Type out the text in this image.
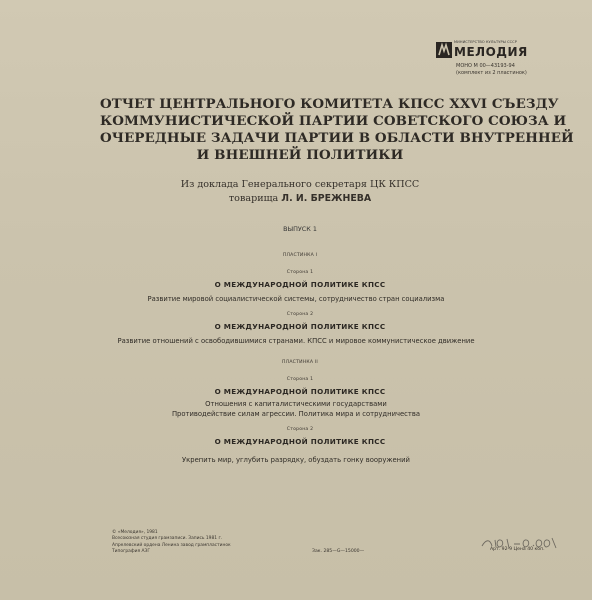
МИНИСТЕРСТВО КУЛЬТУРЫ СССР
МЕЛОДИЯ
МОНО М 00—43193-94
(комплект из 2 пластинок)
ОТЧЕТ ЦЕНТРАЛЬНОГО КОМИТЕТА КПСС XXVI СЪЕЗДУ
КОММУНИСТИЧЕСКОЙ ПАРТИИ СОВЕТСКОГО СОЮЗА И
ОЧЕРЕДНЫЕ ЗАДАЧИ ПАРТИИ В ОБЛАСТИ ВНУТРЕННЕЙ
И ВНЕШНЕЙ ПОЛИТИКИ
Из доклада Генерального секретаря ЦК КПСС
товарища Л. И. БРЕЖНЕВА
ВЫПУСК 1
ПЛАСТИНКА I
Сторона 1
О МЕЖДУНАРОДНОЙ ПОЛИТИКЕ КПСС
Развитие мировой социалистической системы, сотрудничество стран социализма
Сторона 2
О МЕЖДУНАРОДНОЙ ПОЛИТИКЕ КПСС
Развитие отношений с освободившимися странами. КПСС и мировое коммунистическое движение
ПЛАСТИНКА II
Сторона 1
О МЕЖДУНАРОДНОЙ ПОЛИТИКЕ КПСС
Отношения с капиталистическими государствами
Противодействие силам агрессии. Политика мира и сотрудничества
Сторона 2
О МЕЖДУНАРОДНОЙ ПОЛИТИКЕ КПСС
Укрепить мир, углубить разрядку, обуздать гонку вооружений
© «Мелодия», 1981
Всесоюзная студия грамзаписи. Запись 1981 г.
Апрелевский ордена Ленина завод грампластинок
Типография АЗГ	Зак. 285—G—15000—	Арт. 92-9 Цена 40 коп.
